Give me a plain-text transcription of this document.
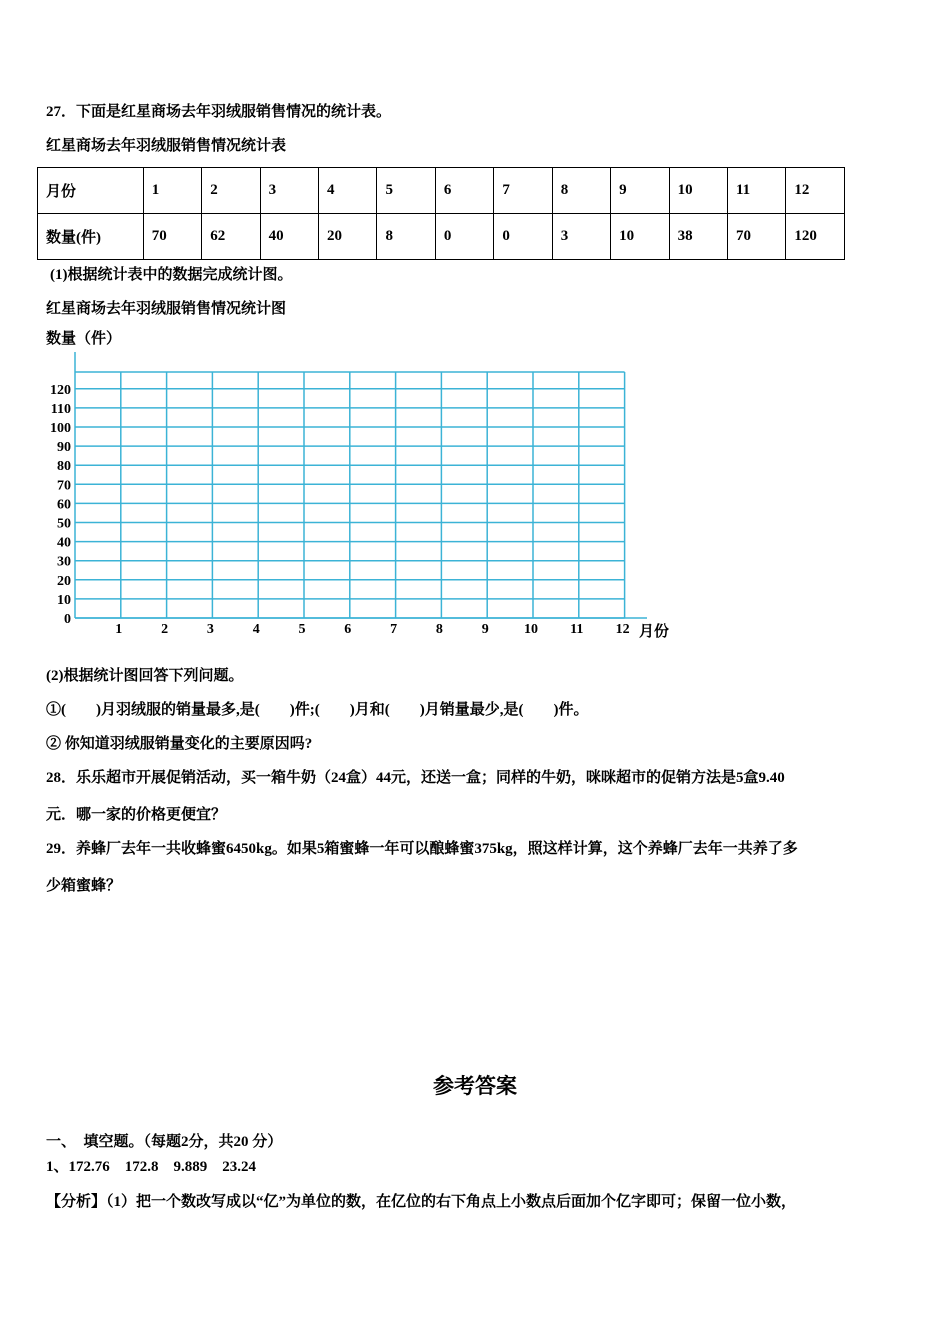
27．下面是红星商场去年羽绒服销售情况的统计表。
红星商场去年羽绒服销售情况统计表
月份	1	2	3	4	5	6	7	8	9	10	11	12
数量(件)	70	62	40	20	8	0	0	3	10	38	70	120
(1)根据统计表中的数据完成统计图。
红星商场去年羽绒服销售情况统计图
0
10
20
30
40
50
60
70
80
90
100
110
120
1	2	3	4	5	6	7	8	9	10 11 12
数量（件）
月份
(2)根据统计图回答下列问题。
①(　　)月羽绒服的销量最多,是(　　)件;(　　)月和(　　)月销量最少,是(　　)件。
② 你知道羽绒服销量变化的主要原因吗?
28．乐乐超市开展促销活动，买一箱牛奶（24盒）44元，还送一盒；同样的牛奶，咪咪超市的促销方法是5盒9.40
元．哪一家的价格更便宜？
29．养蜂厂去年一共收蜂蜜6450kg。如果5箱蜜蜂一年可以酿蜂蜜375kg，照这样计算，这个养蜂厂去年一共养了多
少箱蜜蜂？
参考答案
一、　填空题。（每题2分，共20 分）
1、172.76　172.8　9.889　23.24
【分析】（1）把一个数改写成以“亿”为单位的数，在亿位的右下角点上小数点后面加个亿字即可；保留一位小数，
